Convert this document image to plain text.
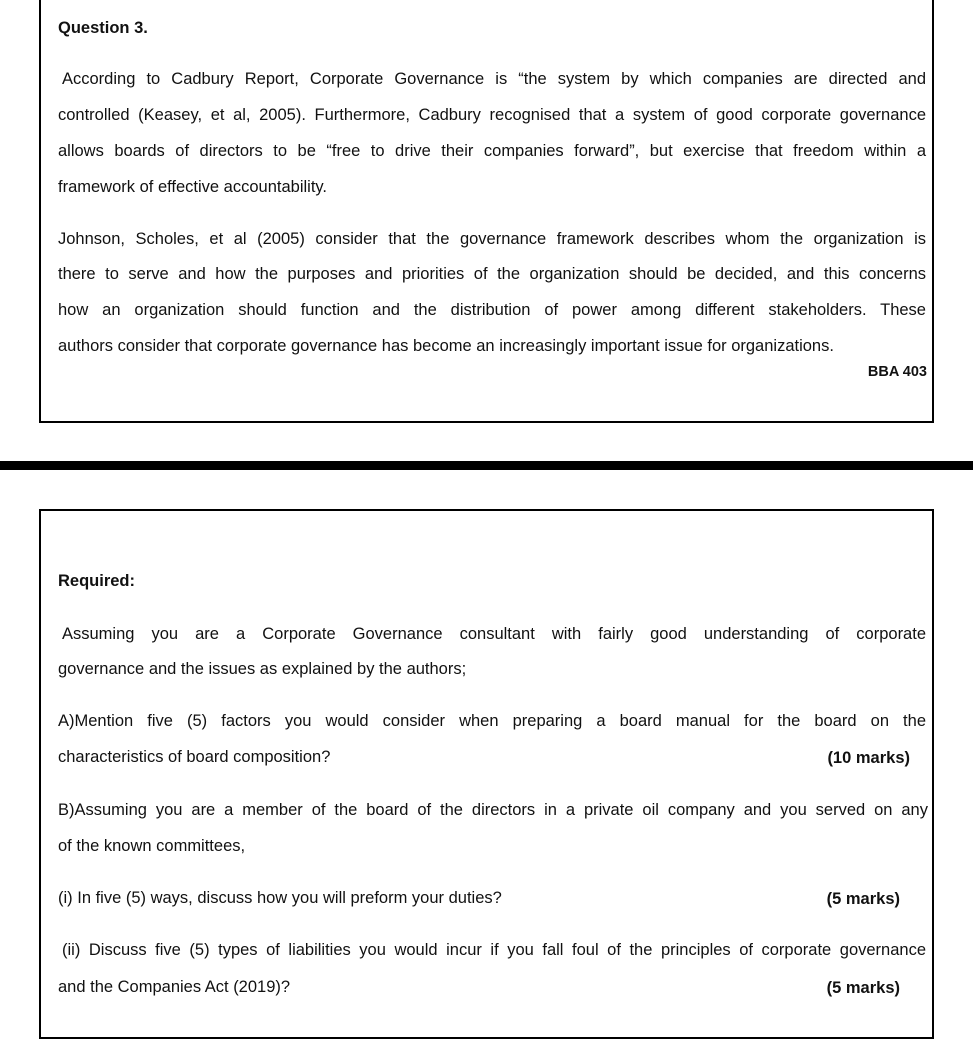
Question 3.
According to Cadbury Report, Corporate Governance is “the system by which companies are directed and
controlled (Keasey, et al, 2005). Furthermore, Cadbury recognised that a system of good corporate governance
allows boards of directors to be “free to drive their companies forward”, but exercise that freedom within a
framework of effective accountability.
Johnson, Scholes, et al (2005) consider that the governance framework describes whom the organization is
there to serve and how the purposes and priorities of the organization should be decided, and this concerns
how an organization should function and the distribution of power among different stakeholders. These
authors consider that corporate governance has become an increasingly important issue for organizations.
BBA 403
Required:
Assuming you are a Corporate Governance consultant with fairly good understanding of corporate
governance and the issues as explained by the authors;
A)Mention five (5) factors you would consider when preparing a board manual for the board on the
characteristics of board composition?	(10 marks)
B)Assuming you are a member of the board of the directors in a private oil company and you served on any
of the known committees,
(i) In five (5) ways, discuss how you will preform your duties?	(5 marks)
(ii) Discuss five (5) types of liabilities you would incur if you fall foul of the principles of corporate governance
and the Companies Act (2019)?	(5 marks)
